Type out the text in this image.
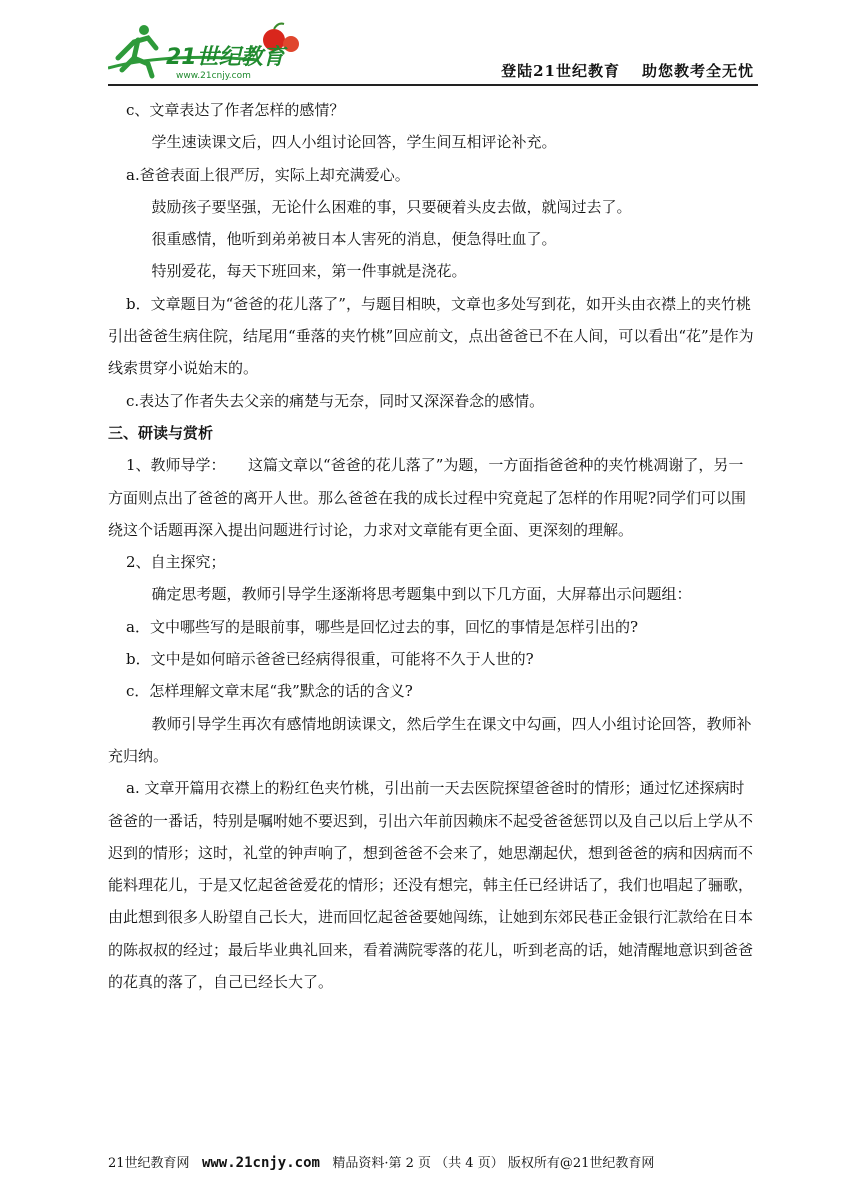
21世纪教育
www.21cnjy.com	登陆21世纪教育 助您教考全无忧

c、文章表达了作者怎样的感情？

学生速读课文后，四人小组讨论回答，学生间互相评论补充。

a.爸爸表面上很严厉，实际上却充满爱心。

鼓励孩子要坚强，无论什么困难的事，只要硬着头皮去做，就闯过去了。

很重感情，他听到弟弟被日本人害死的消息，便急得吐血了。

特别爱花，每天下班回来，第一件事就是浇花。

b．文章题目为“爸爸的花儿落了”，与题目相映，文章也多处写到花，如开头由衣襟上的夹竹桃引出爸爸生病住院，结尾用“垂落的夹竹桃”回应前文，点出爸爸已不在人间，可以看出“花”是作为线索贯穿小说始末的。

c.表达了作者失去父亲的痛楚与无奈，同时又深深眷念的感情。

三、研读与赏析

1、教师导学：　　这篇文章以“爸爸的花儿落了”为题，一方面指爸爸种的夹竹桃凋谢了，另一方面则点出了爸爸的离开人世。那么爸爸在我的成长过程中究竟起了怎样的作用呢?同学们可以围绕这个话题再深入提出问题进行讨论，力求对文章能有更全面、更深刻的理解。

2、自主探究；

确定思考题，教师引导学生逐渐将思考题集中到以下几方面，大屏幕出示问题组：

a．文中哪些写的是眼前事，哪些是回忆过去的事，回忆的事情是怎样引出的?

b．文中是如何暗示爸爸已经病得很重，可能将不久于人世的?

c．怎样理解文章末尾“我”默念的话的含义?

教师引导学生再次有感情地朗读课文，然后学生在课文中勾画，四人小组讨论回答，教师补充归纳。

a. 文章开篇用衣襟上的粉红色夹竹桃，引出前一天去医院探望爸爸时的情形；通过忆述探病时爸爸的一番话，特别是嘱咐她不要迟到，引出六年前因赖床不起受爸爸惩罚以及自己以后上学从不迟到的情形；这时，礼堂的钟声响了，想到爸爸不会来了，她思潮起伏，想到爸爸的病和因病而不能料理花儿，于是又忆起爸爸爱花的情形；还没有想完，韩主任已经讲话了，我们也唱起了骊歌，由此想到很多人盼望自己长大，进而回忆起爸爸要她闯练，让她到东郊民巷正金银行汇款给在日本的陈叔叔的经过；最后毕业典礼回来，看着满院零落的花儿，听到老高的话，她清醒地意识到爸爸的花真的落了，自己已经长大了。

21世纪教育网 www.21cnjy.com 精品资料·第 2 页 （共 4 页） 版权所有@21世纪教育网
